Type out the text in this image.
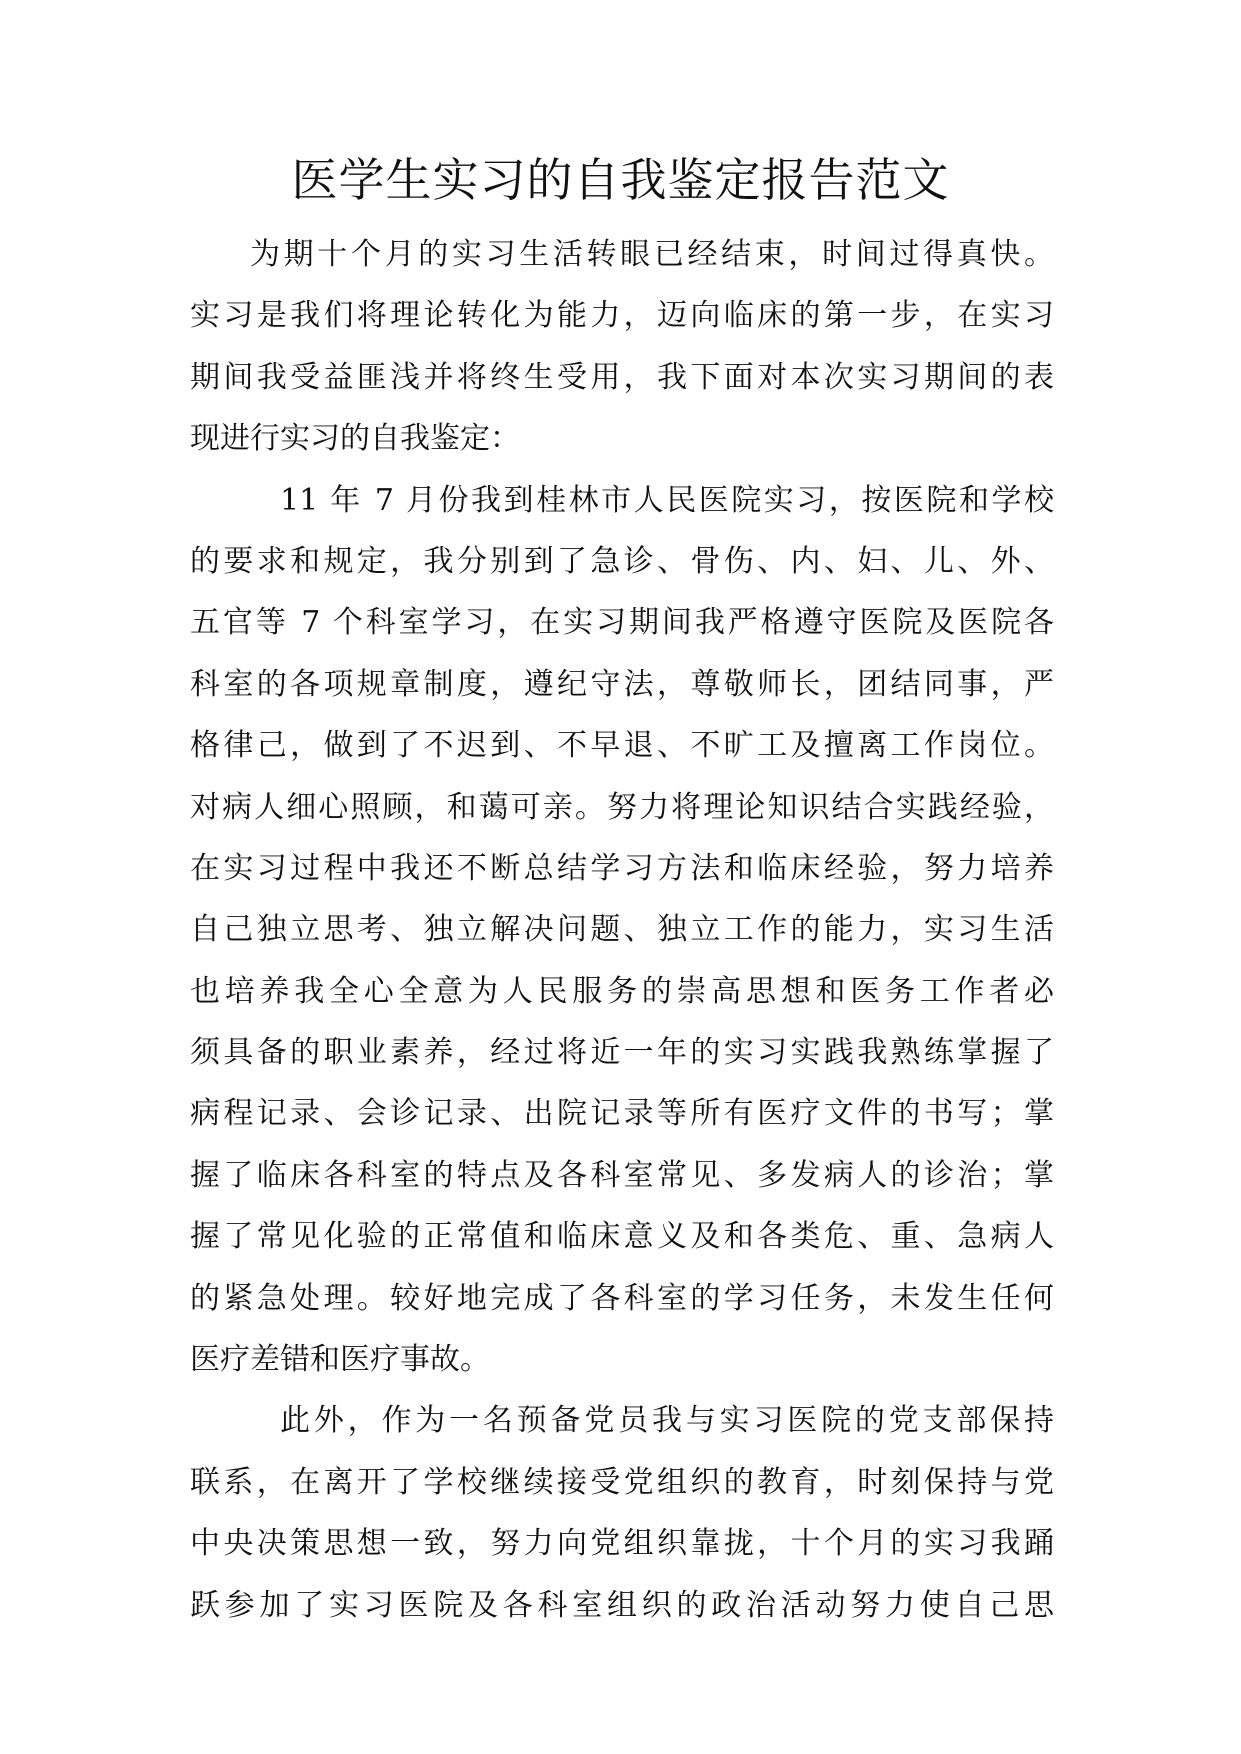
医学生实习的自我鉴定报告范文

为期十个月的实习生活转眼已经结束，时间过得真快。
实习是我们将理论转化为能力，迈向临床的第一步，在实习
期间我受益匪浅并将终生受用，我下面对本次实习期间的表
现进行实习的自我鉴定：

11 年 7 月份我到桂林市人民医院实习，按医院和学校
的要求和规定，我分别到了急诊、骨伤、内、妇、儿、外、
五官等 7 个科室学习，在实习期间我严格遵守医院及医院各
科室的各项规章制度，遵纪守法，尊敬师长，团结同事，严
格律己，做到了不迟到、不早退、不旷工及擅离工作岗位。
对病人细心照顾，和蔼可亲。努力将理论知识结合实践经验，
在实习过程中我还不断总结学习方法和临床经验，努力培养
自己独立思考、独立解决问题、独立工作的能力，实习生活
也培养我全心全意为人民服务的崇高思想和医务工作者必
须具备的职业素养，经过将近一年的实习实践我熟练掌握了
病程记录、会诊记录、出院记录等所有医疗文件的书写；掌
握了临床各科室的特点及各科室常见、多发病人的诊治；掌
握了常见化验的正常值和临床意义及和各类危、重、急病人
的紧急处理。较好地完成了各科室的学习任务，未发生任何
医疗差错和医疗事故。

此外，作为一名预备党员我与实习医院的党支部保持
联系，在离开了学校继续接受党组织的教育，时刻保持与党
中央决策思想一致，努力向党组织靠拢，十个月的实习我踊
跃参加了实习医院及各科室组织的政治活动努力使自己思
